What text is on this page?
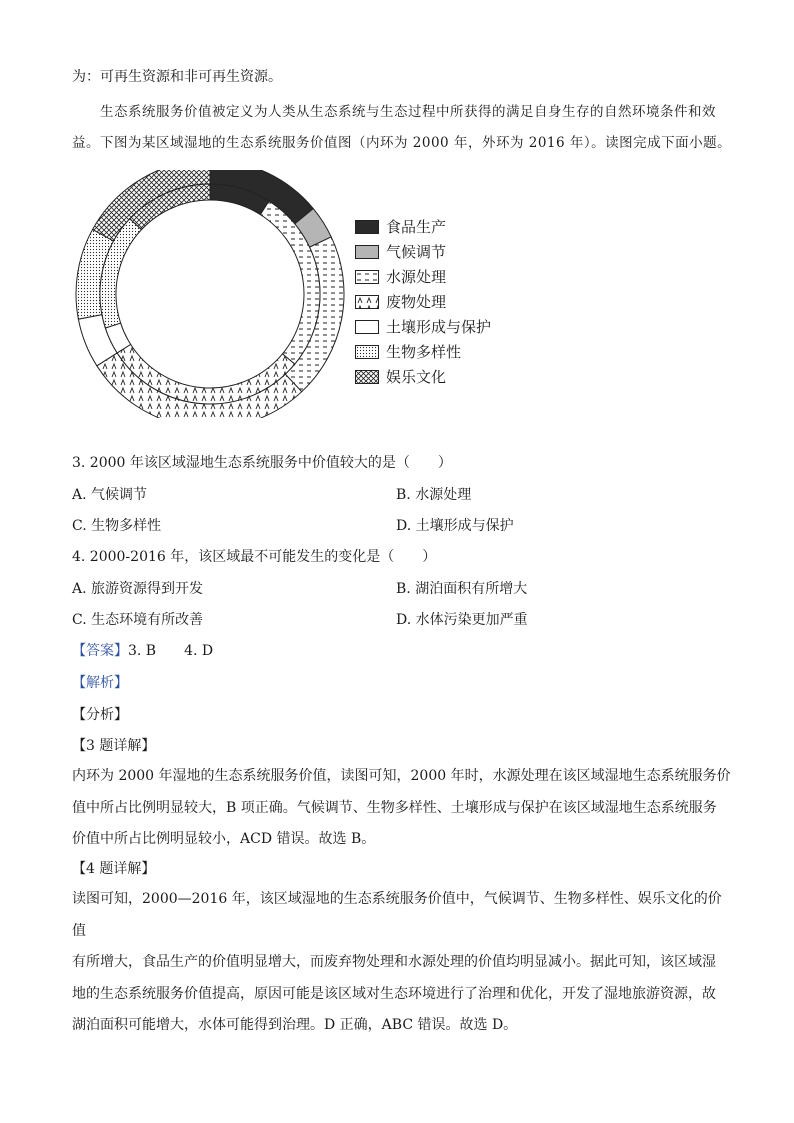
为：可再生资源和非可再生资源。
生态系统服务价值被定义为人类从生态系统与生态过程中所获得的满足自身生存的自然环境条件和效
益。下图为某区域湿地的生态系统服务价值图（内环为 2000 年，外环为 2016 年）。读图完成下面小题。
食品生产
气候调节
水源处理
废物处理
土壤形成与保护
生物多样性
娱乐文化
3. 2000 年该区域湿地生态系统服务中价值较大的是（　　）
A. 气候调节	B. 水源处理
C. 生物多样性	D. 土壤形成与保护
4. 2000-2016 年，该区域最不可能发生的变化是（　　）
A. 旅游资源得到开发	B. 湖泊面积有所增大
C. 生态环境有所改善	D. 水体污染更加严重
【答案】3. B　　4. D
【解析】
【分析】
【3 题详解】

内环为 2000 年湿地的生态系统服务价值，读图可知，2000 年时，水源处理在该区域湿地生态系统服务价

值中所占比例明显较大，B 项正确。气候调节、生物多样性、土壤形成与保护在该区域湿地生态系统服务

价值中所占比例明显较小，ACD 错误。故选 B。

【4 题详解】

读图可知，2000—2016 年，该区域湿地的生态系统服务价值中，气候调节、生物多样性、娱乐文化的价值

有所增大，食品生产的价值明显增大，而废弃物处理和水源处理的价值均明显减小。据此可知，该区域湿

地的生态系统服务价值提高，原因可能是该区域对生态环境进行了治理和优化，开发了湿地旅游资源，故

湖泊面积可能增大，水体可能得到治理。D 正确，ABC 错误。故选 D。
